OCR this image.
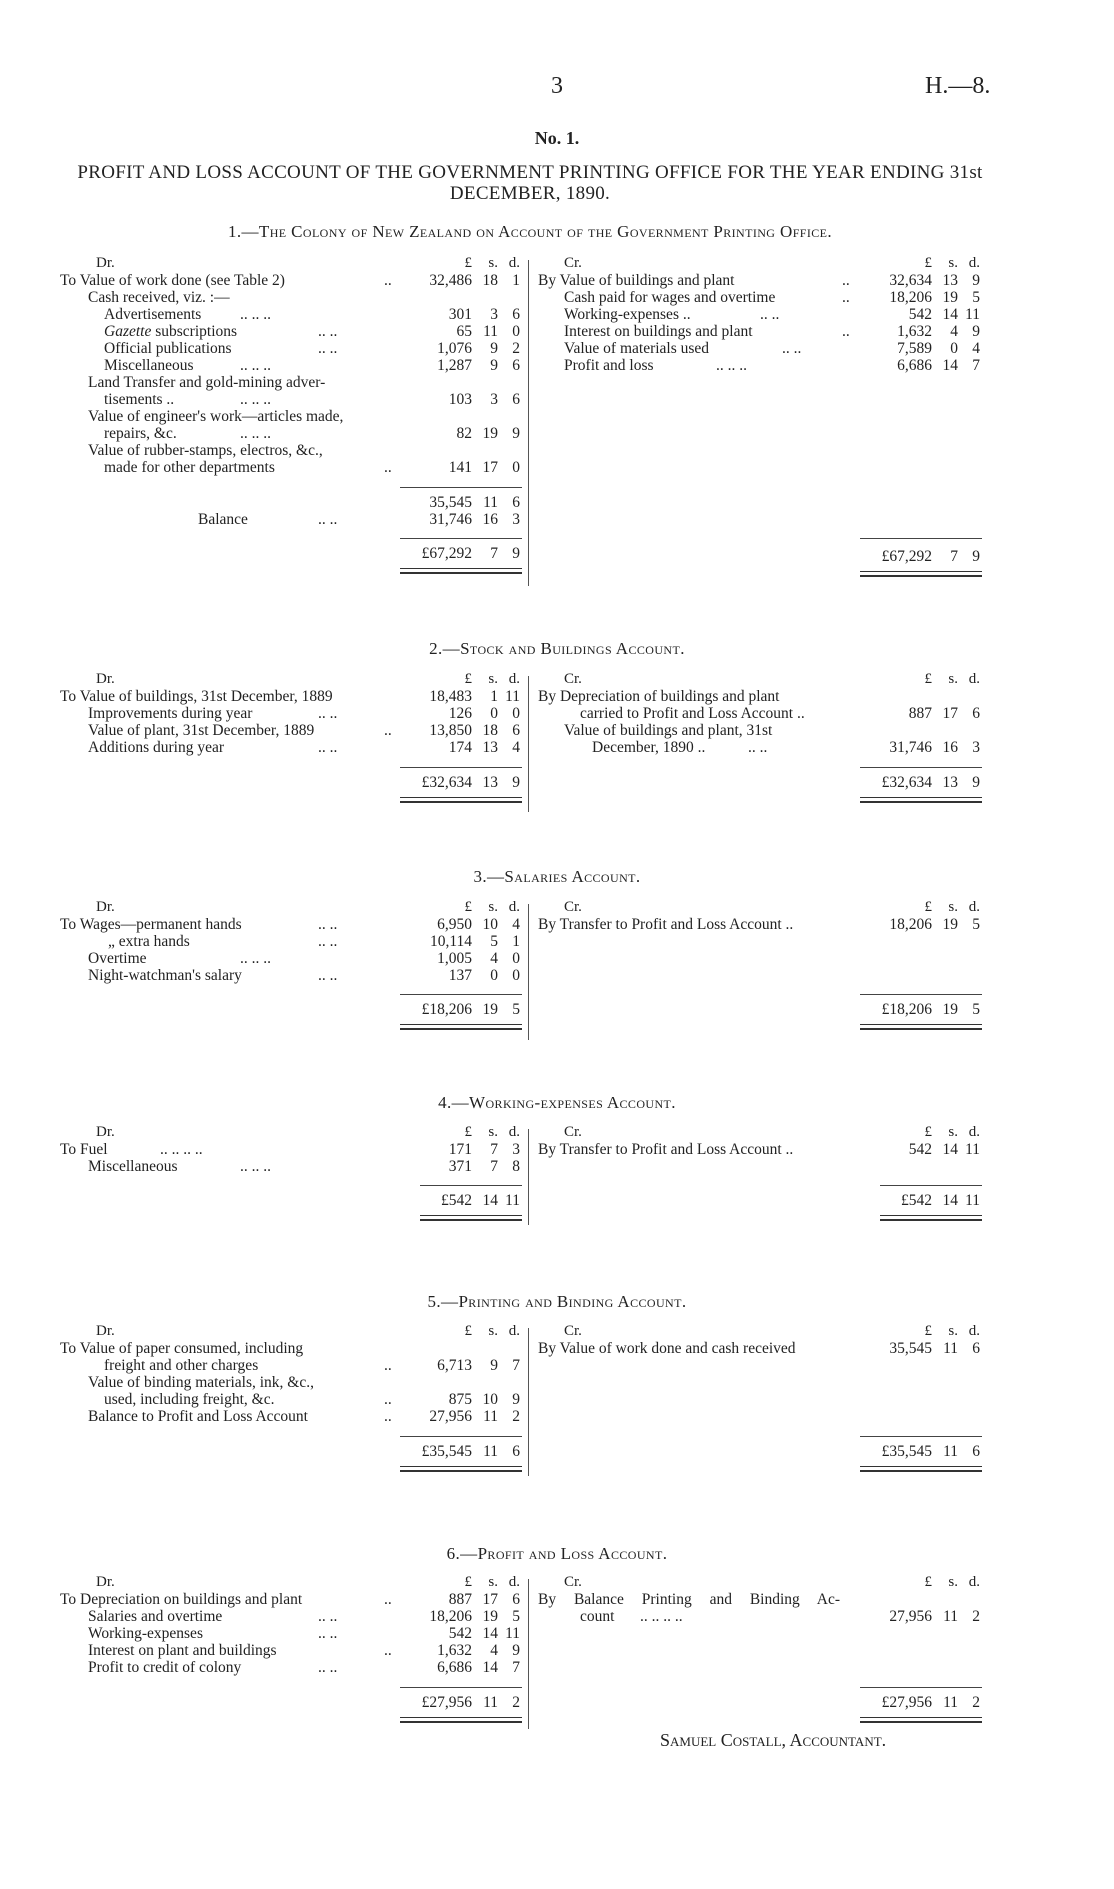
3	H.—8.
No. 1.
PROFIT AND LOSS ACCOUNT OF THE GOVERNMENT PRINTING OFFICE FOR THE YEAR ENDING 31st DECEMBER, 1890.
1.—The Colony of New Zealand on Account of the Government Printing Office.
Dr.	£ s. d.	Cr.	£ s. d.
To Value of work done (see Table 2)	..	32,486 18 1
Cash received, viz. :—
Advertisements .. .. ..	301 3 6
Gazette subscriptions	.. ..	65 11 0
Official publications	.. ..	1,076 9 2
Miscellaneous	.. .. ..	1,287 9 6
Land Transfer and gold-mining adver-
tisements ..	.. .. ..	103 3 6
Value of engineer's work—articles made,
repairs, &c.	.. .. ..	82 19 9
Value of rubber-stamps, electros, &c.,
made for other departments	..	141 17 0
35,545 11 6
Balance	.. ..	31,746 16 3
£67,292 7 9
By Value of buildings and plant	..	32,634 13 9
Cash paid for wages and overtime	..	18,206 19 5
Working-expenses ..	.. ..	542 14 11
Interest on buildings and plant	..	1,632 4 9
Value of materials used	.. ..	7,589 0 4
Profit and loss	.. .. ..	6,686 14 7
£67,292 7 9
2.—Stock and Buildings Account.
Dr.	£ s. d.	Cr.	£ s. d.
To Value of buildings, 31st December, 1889	18,483 1 11
Improvements during year	.. ..	126 0 0
Value of plant, 31st December, 1889	..	13,850 18 6
Additions during year	.. ..	174 13 4
£32,634 13 9
By Depreciation of buildings and plant
carried to Profit and Loss Account ..	887 17 6
Value of buildings and plant, 31st
December, 1890 ..	.. ..	31,746 16 3
£32,634 13 9
3.—Salaries Account.
Dr.	£ s. d.	Cr.	£ s. d.
To Wages—permanent hands	.. ..	6,950 10 4
„ extra hands	.. ..	10,114 5 1
Overtime	.. .. ..	1,005 4 0
Night-watchman's salary	.. ..	137 0 0
£18,206 19 5
By Transfer to Profit and Loss Account ..	18,206 19 5
£18,206 19 5
4.—Working-expenses Account.
Dr.	£ s. d.	Cr.	£ s. d.
To Fuel	.. .. .. ..	171 7 3
Miscellaneous	.. .. ..	371 7 8
£542 14 11
By Transfer to Profit and Loss Account ..	542 14 11
£542 14 11
5.—Printing and Binding Account.
Dr.	£ s. d.	Cr.	£ s. d.
To Value of paper consumed, including
freight and other charges	..	6,713 9 7
Value of binding materials, ink, &c.,
used, including freight, &c.	..	875 10 9
Balance to Profit and Loss Account	..	27,956 11 2
£35,545 11 6
By Value of work done and cash received	35,545 11 6
£35,545 11 6
6.—Profit and Loss Account.
Dr.	£ s. d.	Cr.	£ s. d.
To Depreciation on buildings and plant	..	887 17 6
Salaries and overtime	.. ..	18,206 19 5
Working-expenses	.. ..	542 14 11
Interest on plant and buildings	..	1,632 4 9
Profit to credit of colony	.. ..	6,686 14 7
£27,956 11 2
By Balance Printing and Binding Ac-
count .. .. .. ..	27,956 11 2
£27,956 11 2
Samuel Costall, Accountant.
